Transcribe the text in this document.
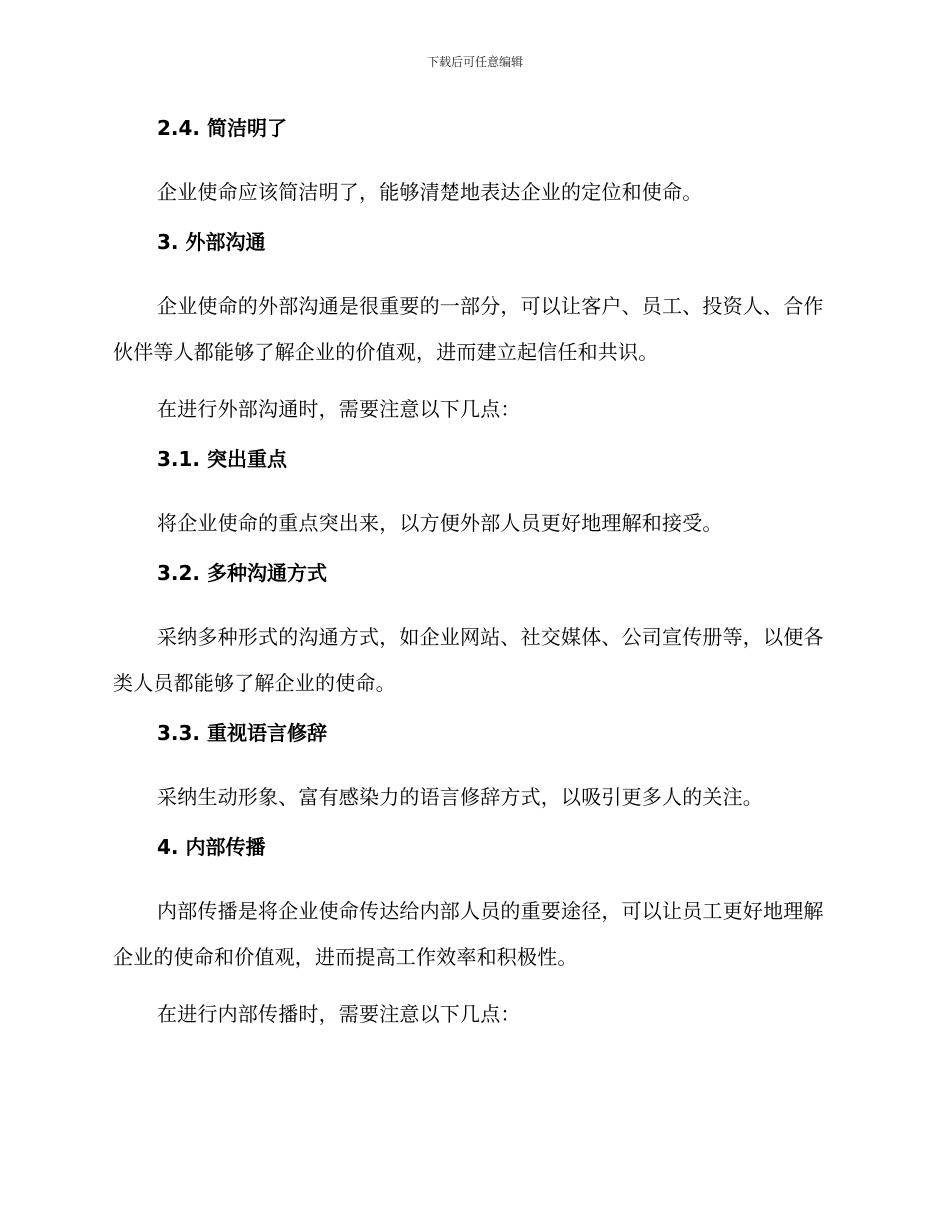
下载后可任意编辑
2.4. 简洁明了

企业使命应该简洁明了，能够清楚地表达企业的定位和使命。

3. 外部沟通

企业使命的外部沟通是很重要的一部分，可以让客户、员工、投资人、合作伙伴等人都能够了解企业的价值观，进而建立起信任和共识。

在进行外部沟通时，需要注意以下几点：

3.1. 突出重点

将企业使命的重点突出来，以方便外部人员更好地理解和接受。

3.2. 多种沟通方式

采纳多种形式的沟通方式，如企业网站、社交媒体、公司宣传册等，以便各类人员都能够了解企业的使命。

3.3. 重视语言修辞

采纳生动形象、富有感染力的语言修辞方式，以吸引更多人的关注。

4. 内部传播

内部传播是将企业使命传达给内部人员的重要途径，可以让员工更好地理解企业的使命和价值观，进而提高工作效率和积极性。

在进行内部传播时，需要注意以下几点：
